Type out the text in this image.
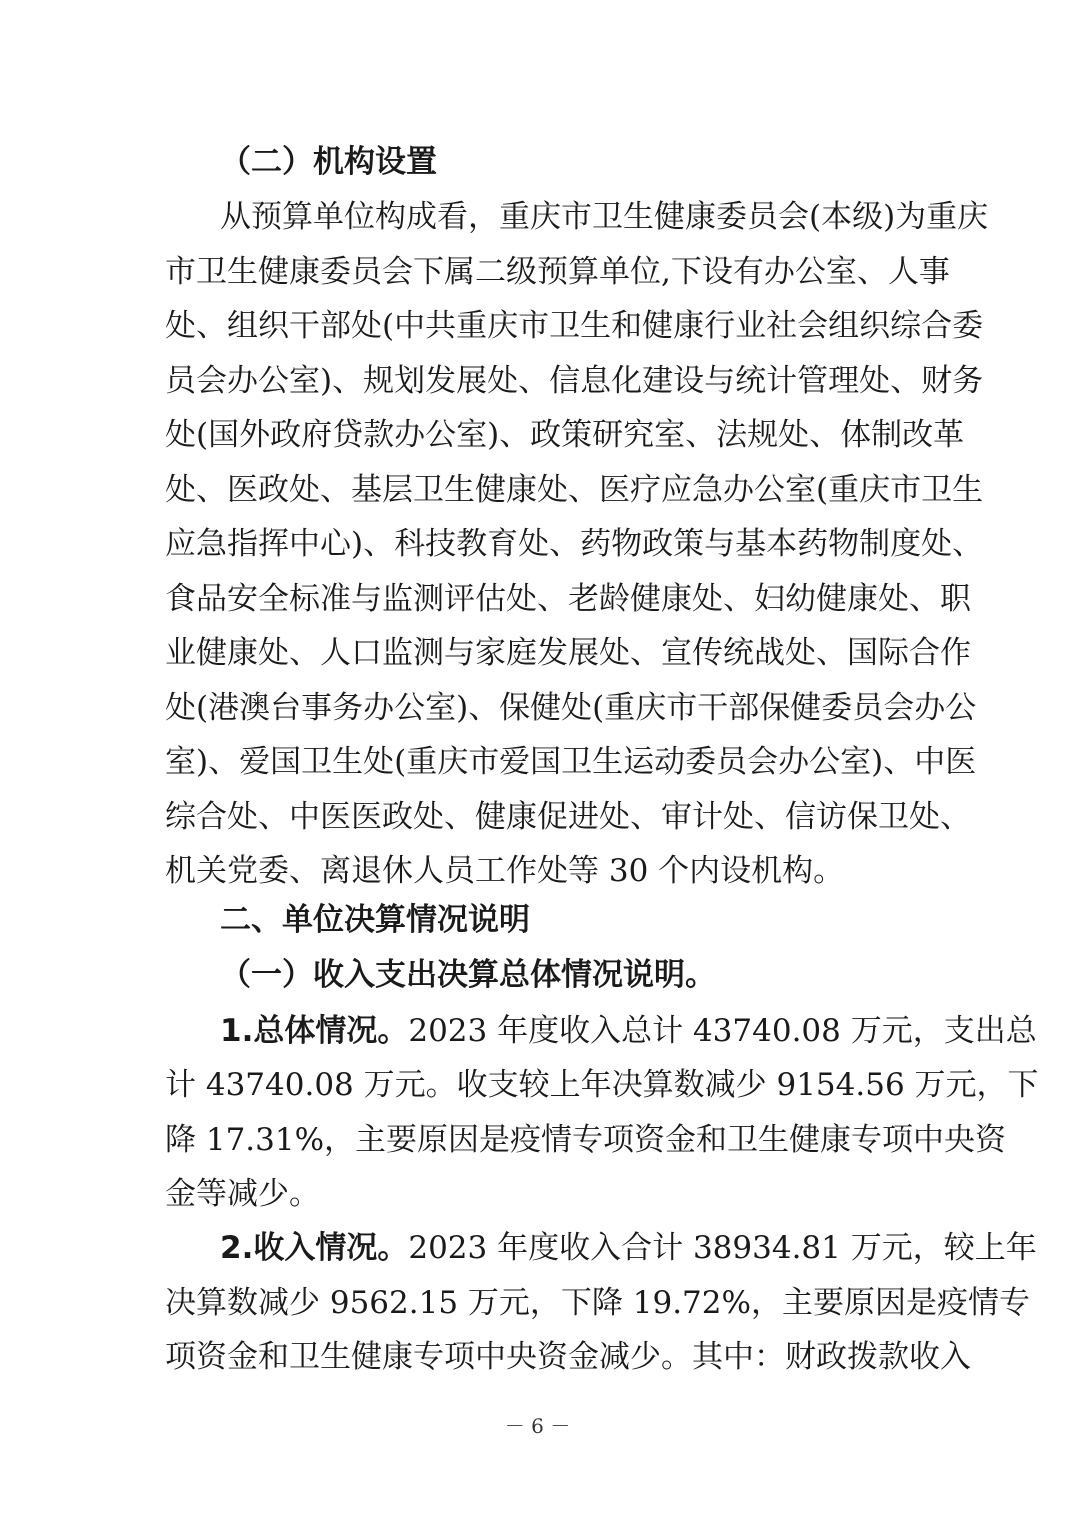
（二）机构设置
从预算单位构成看，重庆市卫生健康委员会(本级)为重庆
市卫生健康委员会下属二级预算单位,下设有办公室、人事
处、组织干部处(中共重庆市卫生和健康行业社会组织综合委
员会办公室)、规划发展处、信息化建设与统计管理处、财务
处(国外政府贷款办公室)、政策研究室、法规处、体制改革
处、医政处、基层卫生健康处、医疗应急办公室(重庆市卫生
应急指挥中心)、科技教育处、药物政策与基本药物制度处、
食品安全标准与监测评估处、老龄健康处、妇幼健康处、职
业健康处、人口监测与家庭发展处、宣传统战处、国际合作
处(港澳台事务办公室)、保健处(重庆市干部保健委员会办公
室)、爱国卫生处(重庆市爱国卫生运动委员会办公室)、中医
综合处、中医医政处、健康促进处、审计处、信访保卫处、
机关党委、离退休人员工作处等 30 个内设机构。
二、单位决算情况说明
（一）收入支出决算总体情况说明。
1.总体情况。2023 年度收入总计 43740.08 万元，支出总
计 43740.08 万元。收支较上年决算数减少 9154.56 万元，下
降 17.31%，主要原因是疫情专项资金和卫生健康专项中央资
金等减少。
2.收入情况。2023 年度收入合计 38934.81 万元，较上年
决算数减少 9562.15 万元，下降 19.72%，主要原因是疫情专
项资金和卫生健康专项中央资金减少。其中：财政拨款收入
－ 6 －
